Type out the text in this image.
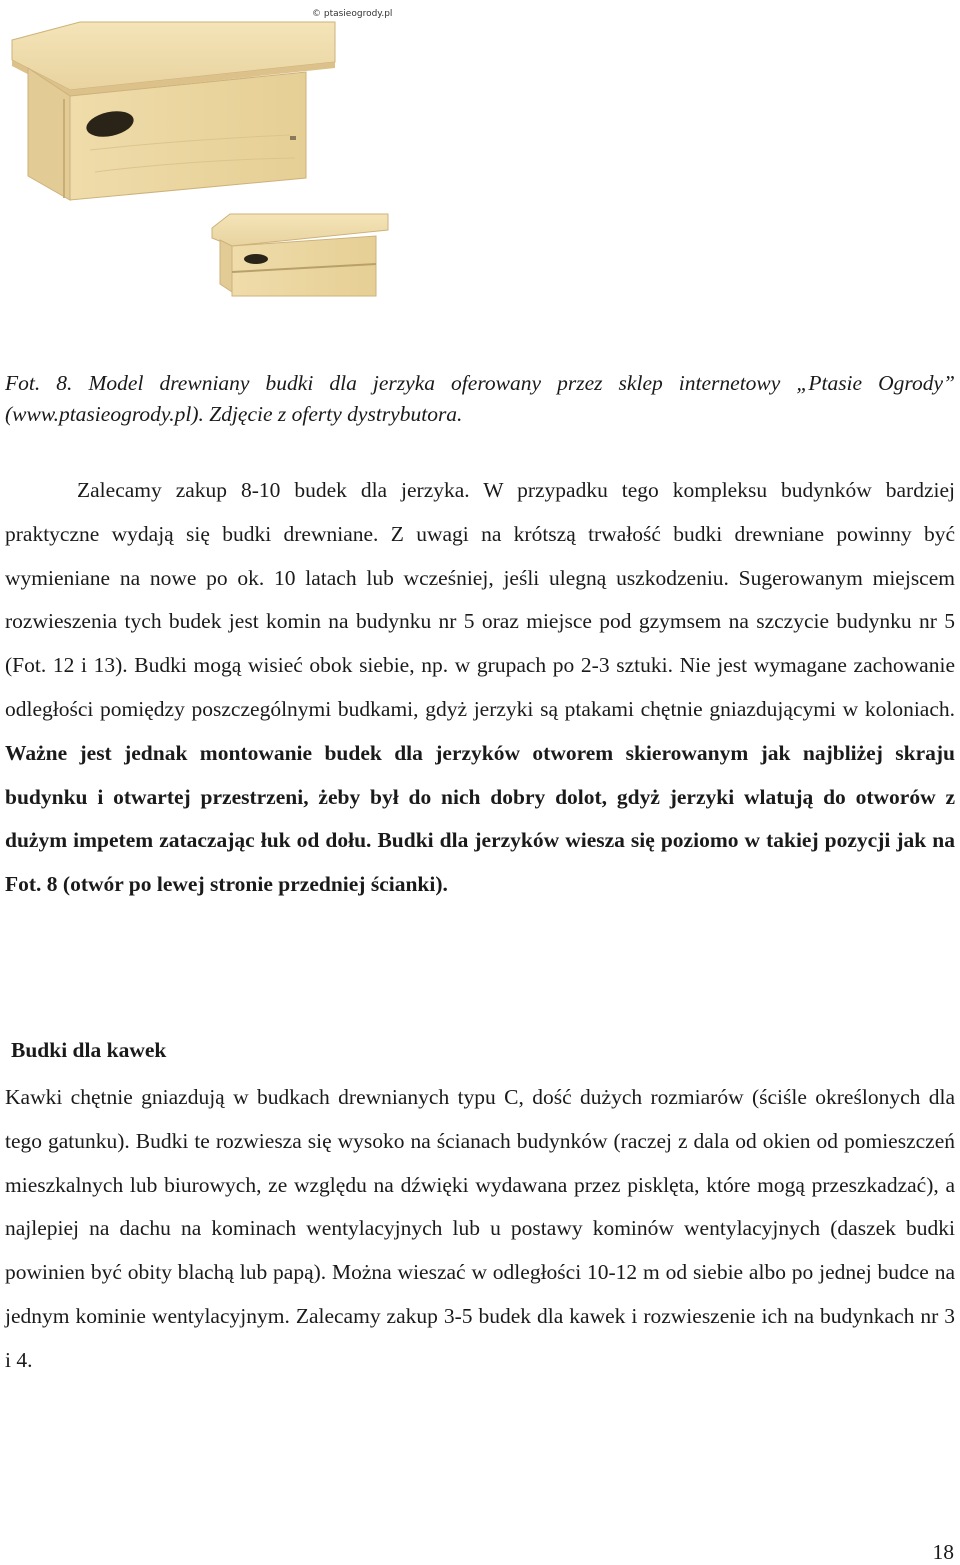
© ptasieogrody.pl
Fot. 8. Model drewniany budki dla jerzyka oferowany przez sklep internetowy „Ptasie Ogrody” (www.ptasieogrody.pl). Zdjęcie z oferty dystrybutora.
Zalecamy zakup 8-10 budek dla jerzyka. W przypadku tego kompleksu budynków bardziej praktyczne wydają się budki drewniane. Z uwagi na krótszą trwałość budki drewniane powinny być wymieniane na nowe po ok. 10 latach lub wcześniej, jeśli ulegną uszkodzeniu. Sugerowanym miejscem rozwieszenia tych budek jest komin na budynku nr 5 oraz miejsce pod gzymsem na szczycie budynku nr 5 (Fot. 12 i 13). Budki mogą wisieć obok siebie, np. w grupach po 2-3 sztuki. Nie jest wymagane zachowanie odległości pomiędzy poszczególnymi budkami, gdyż jerzyki są ptakami chętnie gniazdującymi w koloniach. Ważne jest jednak montowanie budek dla jerzyków otworem skierowanym jak najbliżej skraju budynku i otwartej przestrzeni, żeby był do nich dobry dolot, gdyż jerzyki wlatują do otworów z dużym impetem zataczając łuk od dołu. Budki dla jerzyków wiesza się poziomo w takiej pozycji jak na Fot. 8 (otwór po lewej stronie przedniej ścianki).
Budki dla kawek
Kawki chętnie gniazdują w budkach drewnianych typu C, dość dużych rozmiarów (ściśle określonych dla tego gatunku). Budki te rozwiesza się wysoko na ścianach budynków (raczej z dala od okien od pomieszczeń mieszkalnych lub biurowych, ze względu na dźwięki wydawana przez pisklęta, które mogą przeszkadzać), a najlepiej na dachu na kominach wentylacyjnych lub u postawy kominów wentylacyjnych (daszek budki powinien być obity blachą lub papą). Można wieszać w odległości 10-12 m od siebie albo po jednej budce na jednym kominie wentylacyjnym. Zalecamy zakup 3-5 budek dla kawek i rozwieszenie ich na budynkach nr 3 i 4.
18
